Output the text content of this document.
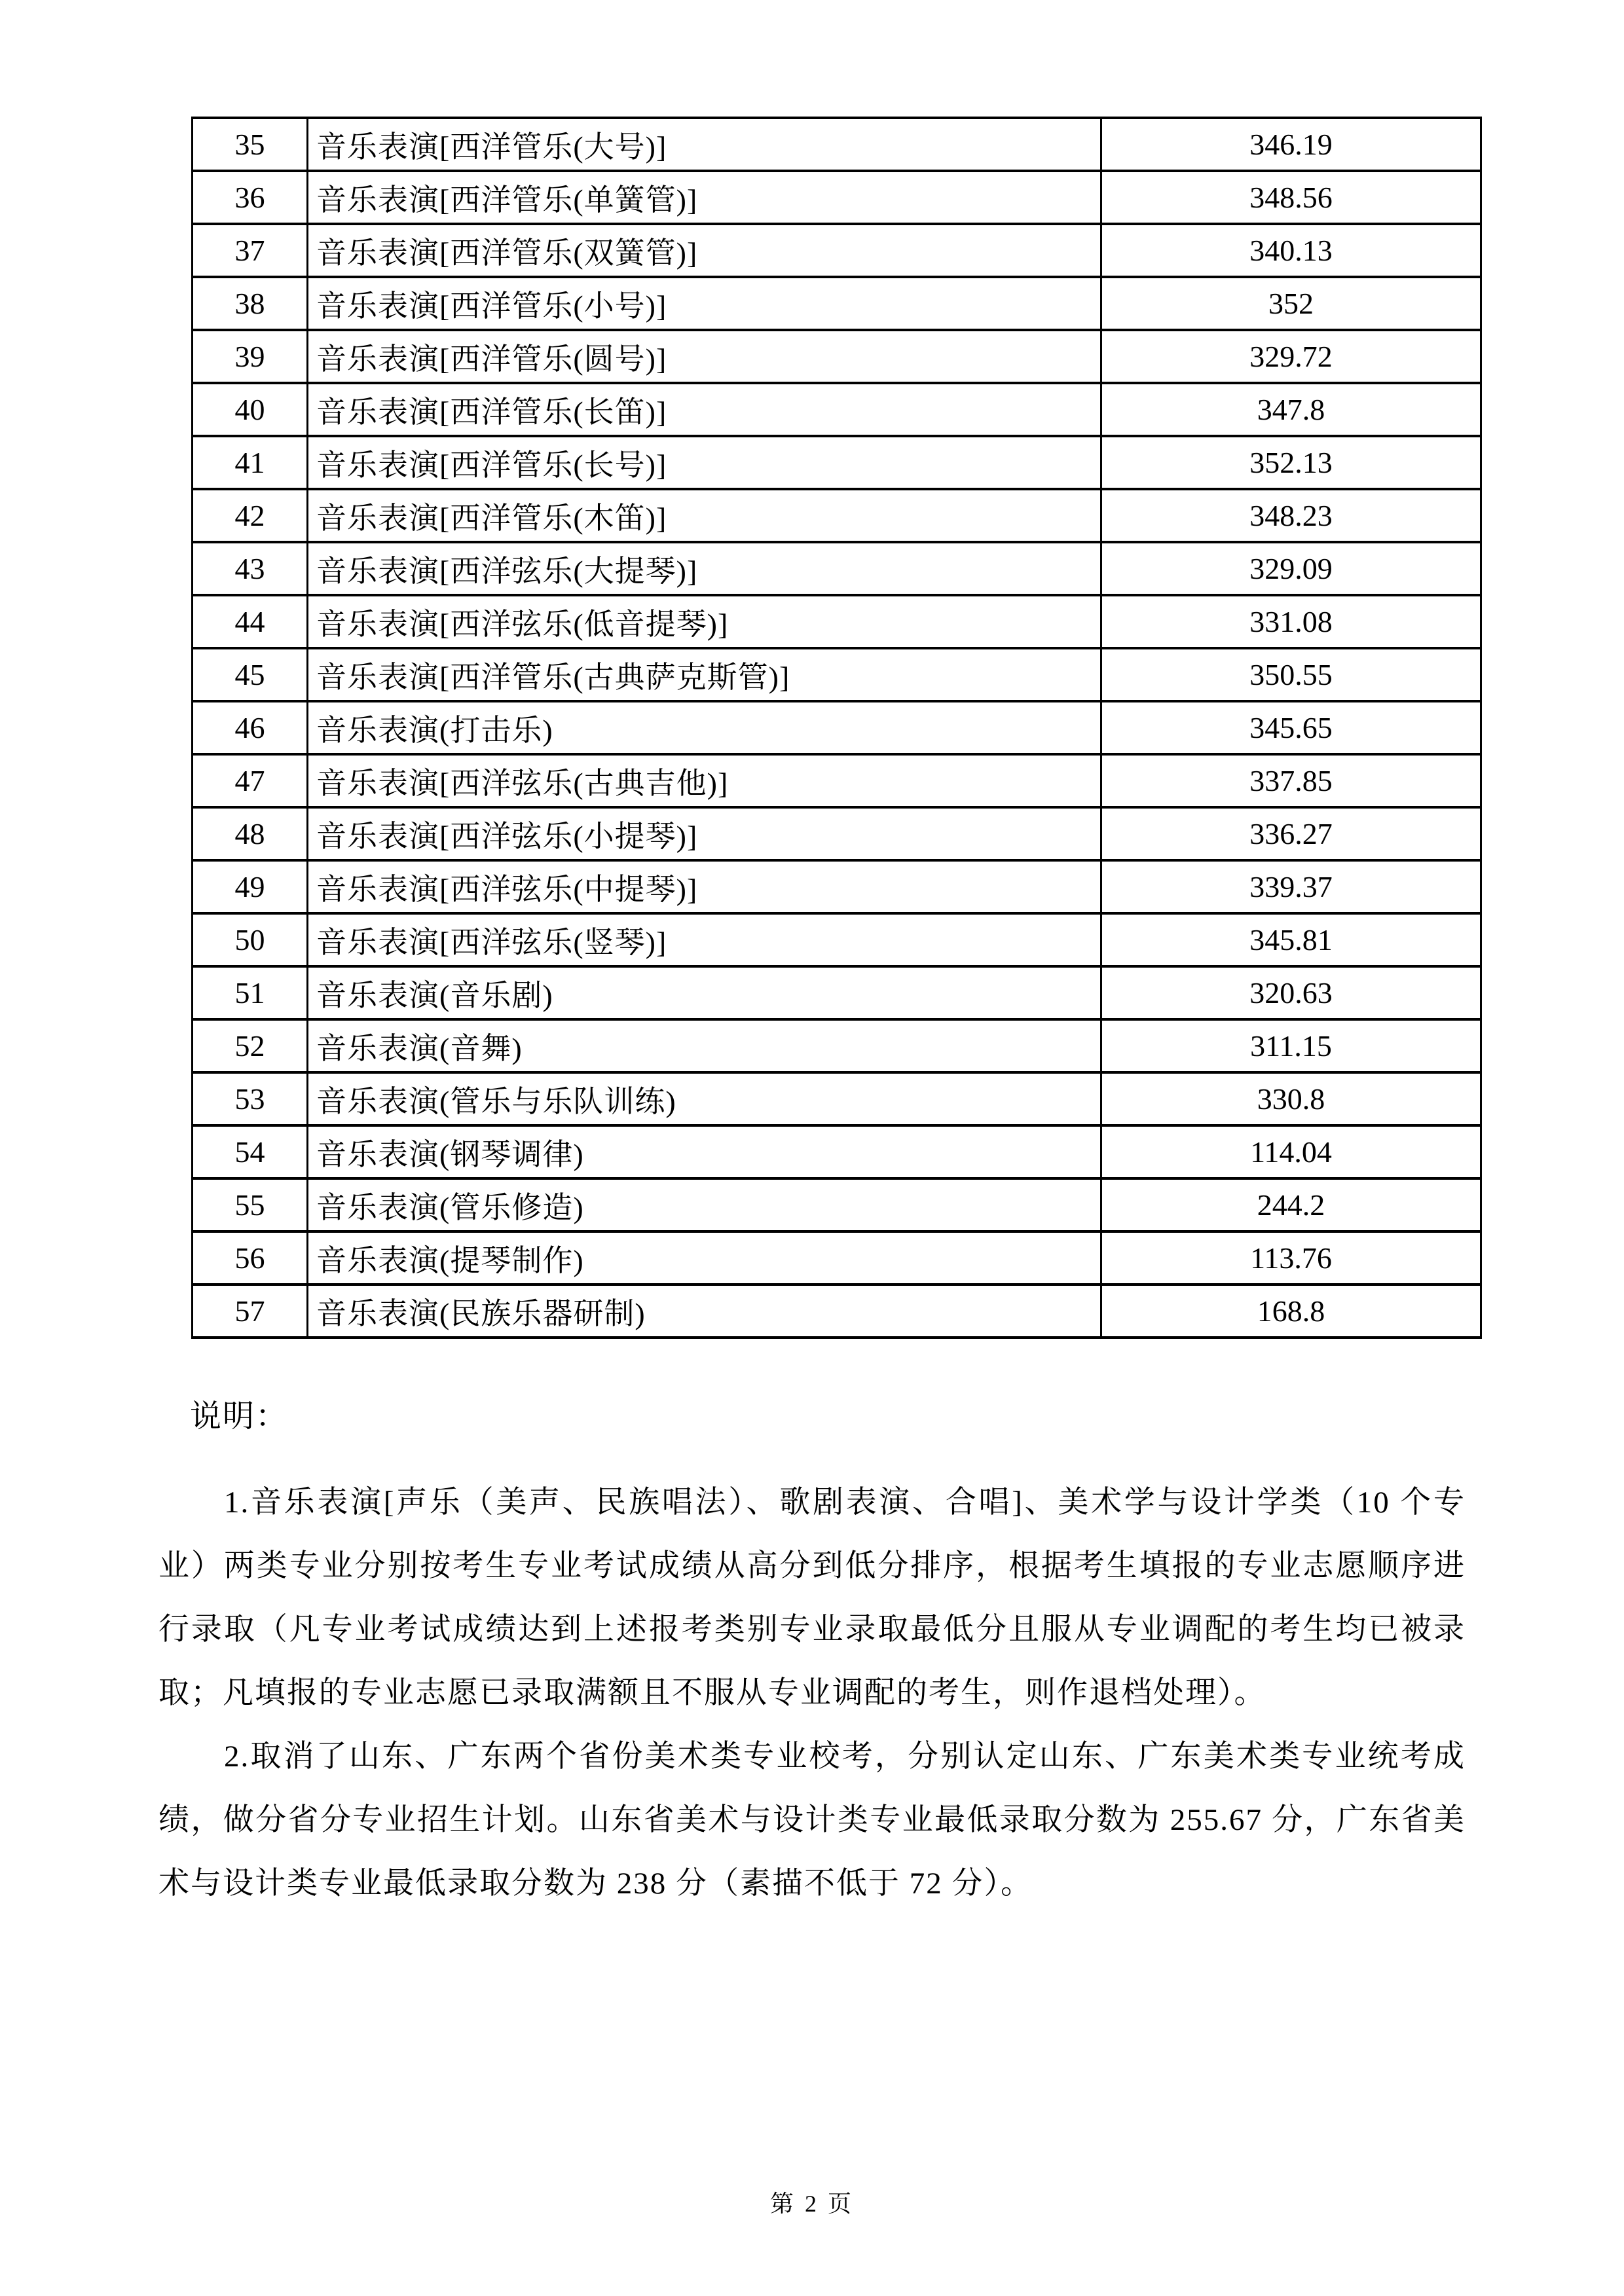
35	音乐表演[西洋管乐(大号)]	346.19
36	音乐表演[西洋管乐(单簧管)]	348.56
37	音乐表演[西洋管乐(双簧管)]	340.13
38	音乐表演[西洋管乐(小号)]	352
39	音乐表演[西洋管乐(圆号)]	329.72
40	音乐表演[西洋管乐(长笛)]	347.8
41	音乐表演[西洋管乐(长号)]	352.13
42	音乐表演[西洋管乐(木笛)]	348.23
43	音乐表演[西洋弦乐(大提琴)]	329.09
44	音乐表演[西洋弦乐(低音提琴)]	331.08
45	音乐表演[西洋管乐(古典萨克斯管)]	350.55
46	音乐表演(打击乐)	345.65
47	音乐表演[西洋弦乐(古典吉他)]	337.85
48	音乐表演[西洋弦乐(小提琴)]	336.27
49	音乐表演[西洋弦乐(中提琴)]	339.37
50	音乐表演[西洋弦乐(竖琴)]	345.81
51	音乐表演(音乐剧)	320.63
52	音乐表演(音舞)	311.15
53	音乐表演(管乐与乐队训练)	330.8
54	音乐表演(钢琴调律)	114.04
55	音乐表演(管乐修造)	244.2
56	音乐表演(提琴制作)	113.76
57	音乐表演(民族乐器研制)	168.8
说明：

1.音乐表演[声乐（美声、民族唱法）、歌剧表演、合唱]、美术学与设计学类（10 个专业）两类专业分别按考生专业考试成绩从高分到低分排序，根据考生填报的专业志愿顺序进行录取（凡专业考试成绩达到上述报考类别专业录取最低分且服从专业调配的考生均已被录取；凡填报的专业志愿已录取满额且不服从专业调配的考生，则作退档处理）。

2.取消了山东、广东两个省份美术类专业校考，分别认定山东、广东美术类专业统考成绩，做分省分专业招生计划。山东省美术与设计类专业最低录取分数为 255.67 分，广东省美术与设计类专业最低录取分数为 238 分（素描不低于 72 分）。

第 2 页
